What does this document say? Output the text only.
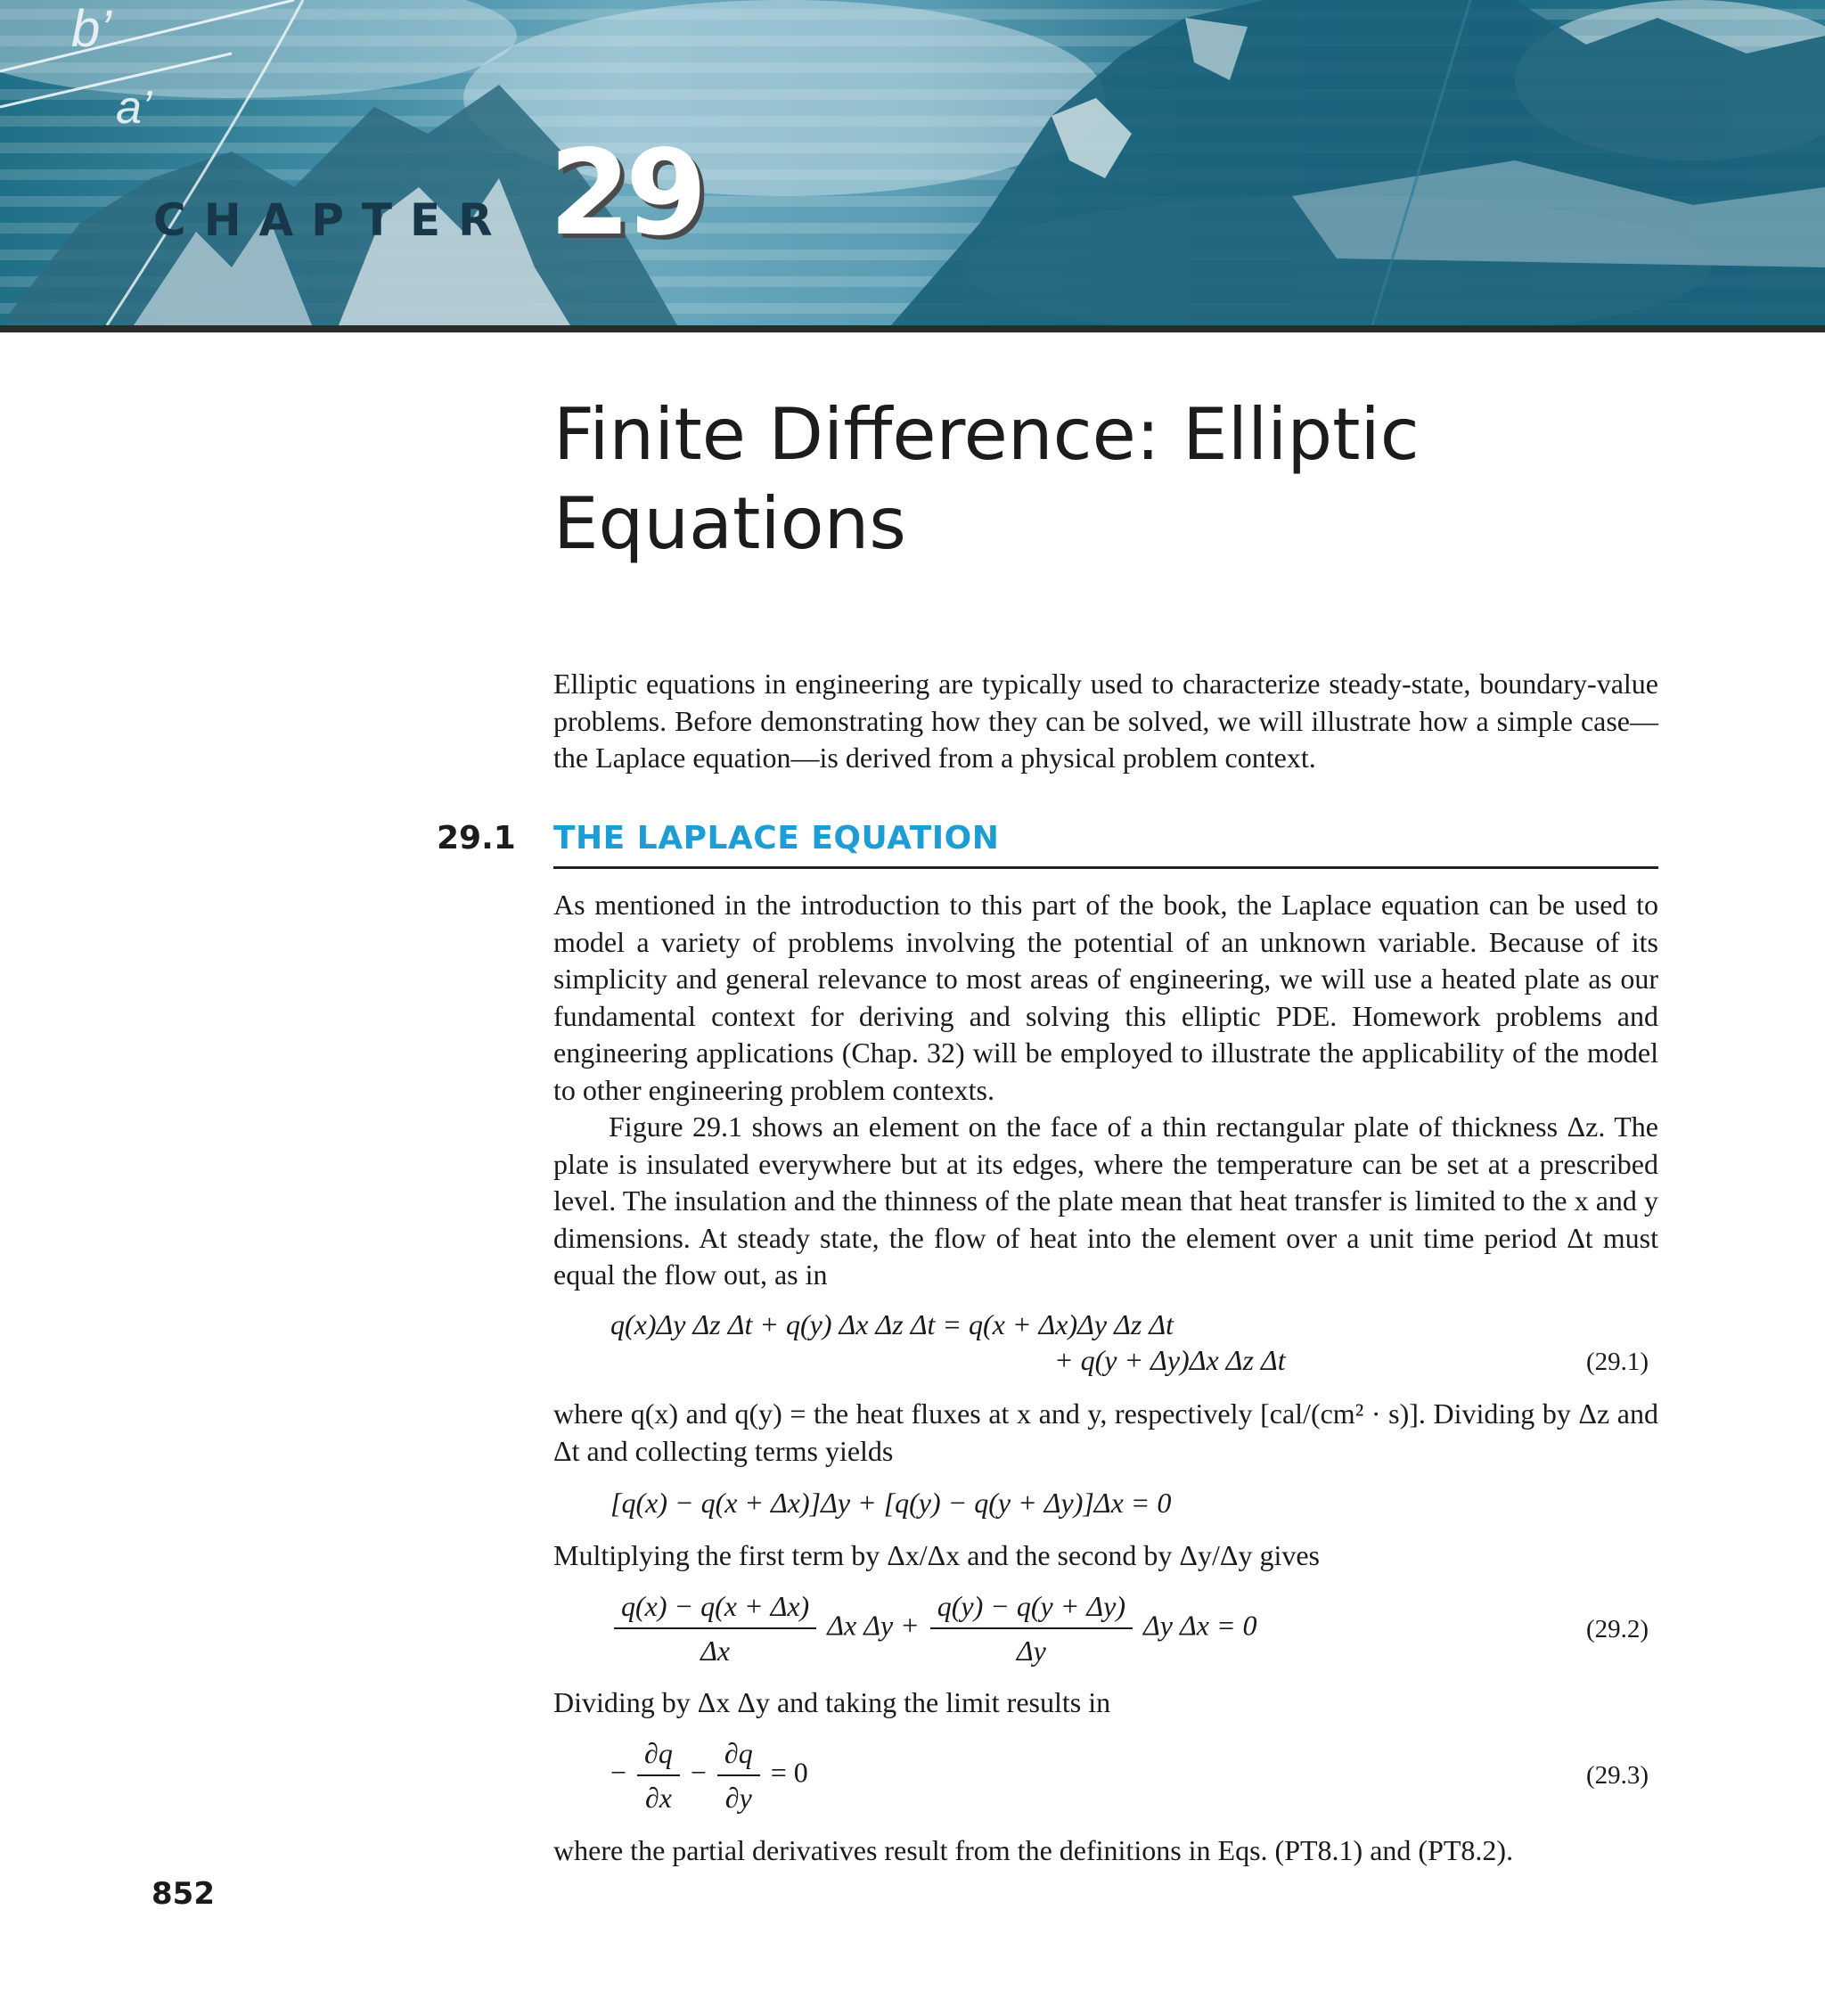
b’
a’
CHAPTER 29
Finite Difference: Elliptic Equations

Elliptic equations in engineering are typically used to characterize steady-state, boundary-value problems. Before demonstrating how they can be solved, we will illustrate how a simple case—the Laplace equation—is derived from a physical problem context.

29.1 THE LAPLACE EQUATION

As mentioned in the introduction to this part of the book, the Laplace equation can be used to model a variety of problems involving the potential of an unknown variable. Because of its simplicity and general relevance to most areas of engineering, we will use a heated plate as our fundamental context for deriving and solving this elliptic PDE. Homework problems and engineering applications (Chap. 32) will be employed to illustrate the applicability of the model to other engineering problem contexts.

Figure 29.1 shows an element on the face of a thin rectangular plate of thickness Δz. The plate is insulated everywhere but at its edges, where the temperature can be set at a prescribed level. The insulation and the thinness of the plate mean that heat transfer is limited to the x and y dimensions. At steady state, the flow of heat into the element over a unit time period Δt must equal the flow out, as in

q(x)Δy Δz Δt + q(y) Δx Δz Δt = q(x + Δx)Δy Δz Δt
+ q(y + Δy)Δx Δz Δt	(29.1)

where q(x) and q(y) = the heat fluxes at x and y, respectively [cal/(cm² · s)]. Dividing by Δz and Δt and collecting terms yields

[q(x) − q(x + Δx)]Δy + [q(y) − q(y + Δy)]Δx = 0

Multiplying the first term by Δx/Δx and the second by Δy/Δy gives

$\frac{q(x) - q(x + \Delta x)}{\Delta x}$ Δx $\Delta y + \frac{q(y) - q(y + \Delta y)}{\Delta y}$ Δy Δx = 0	(29.2)

Dividing by Δx Δy and taking the limit results in

− $\frac{\partial q}{\partial x} - \frac{\partial q}{\partial y} = 0$	(29.3)

where the partial derivatives result from the definitions in Eqs. (PT8.1) and (PT8.2).

852
